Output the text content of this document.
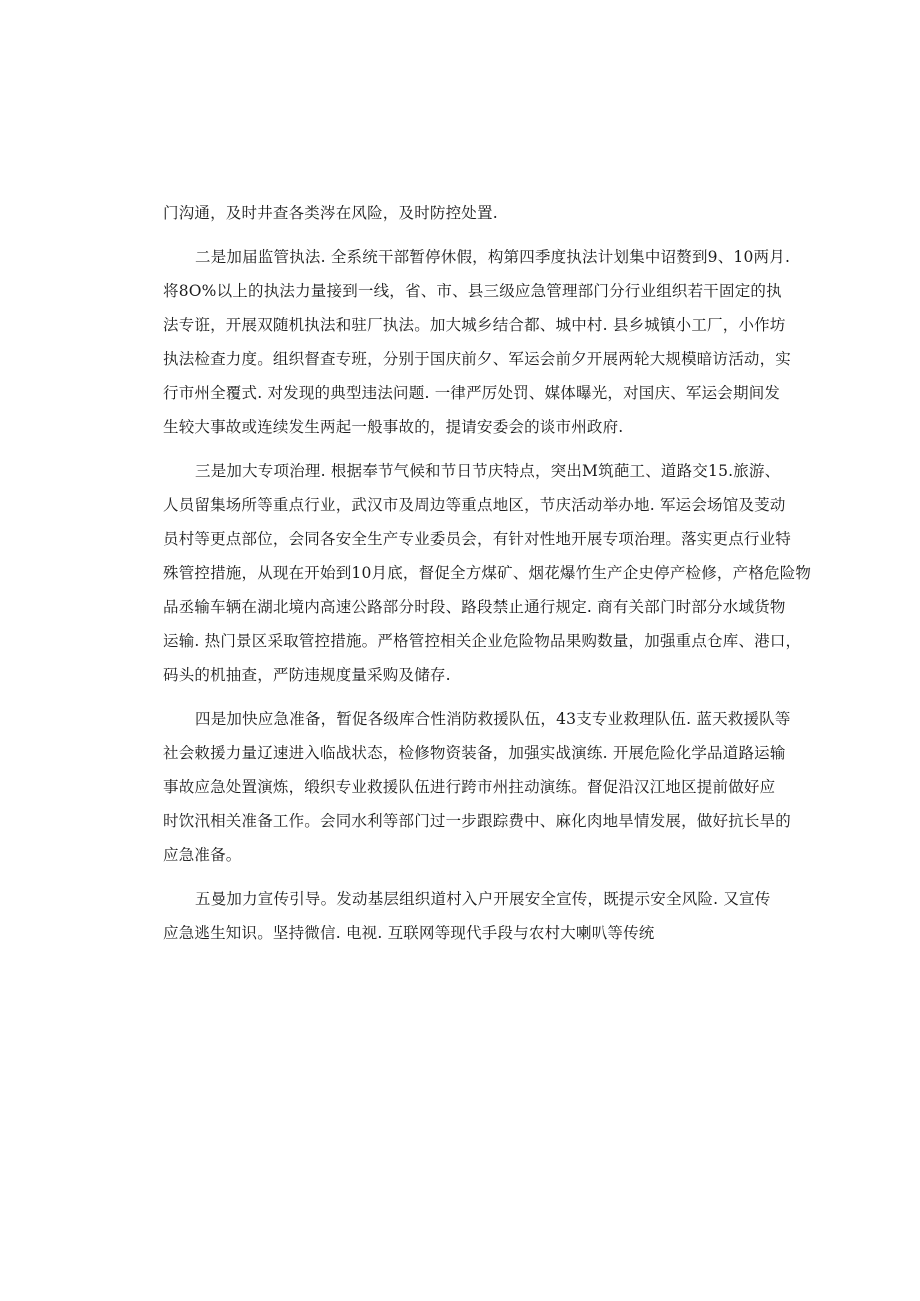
门沟通，及时井查各类涔在风险，及时防控处置.
二是加届监管执法. 全系统干部暂停休假，构第四季度执法计划集中诏赘到9、10两月.
将8O%以上的执法力量接到一线，省、市、县三级应急管理部门分行业组织若干固定的执
法专诳，开展双随机执法和驻厂执法。加大城乡结合都、城中村. 县乡城镇小工厂，小作坊
执法检查力度。组织督查专班，分别于国庆前夕、军运会前夕开展两轮大规模暗访活动，实
行市州全覆式. 对发现的典型违法问题. 一律严厉处罚、媒体曝光，对国庆、军运会期间发
生较大事故或连续发生两起一般事故的，提请安委会的谈市州政府.
三是加大专项治理. 根据奉节气候和节日节庆特点，突出M筑葩工、道路交15.旅游、
人员留集场所等重点行业，武汉市及周边等重点地区，节庆活动举办地. 军运会场馆及芰动
员村等更点部位，会同各安全生产专业委员会，有针对性地开展专项治理。落实更点行业特
殊管控措施，从现在开始到10月底，督促全方煤矿、烟花爆竹生产企史停产检修，产格危险物
品丞输车辆在湖北境内高速公路部分时段、路段禁止通行规定. 商有关部门时部分水域货物
运输. 热门景区采取管控措施。严格管控相关企业危险物品果购数量，加强重点仓库、港口，
码头的机抽查，严防违规度量采购及储存.
四是加快应急准备，暂促各级库合性消防救援队伍，43支专业救理队伍. 蓝天救援队等
社会敕援力量辽速进入临战状态，检修物资装备，加强实战演练. 开展危险化学品道路运输
事故应急处置演炼，缎织专业救援队伍进行跨市州拄动演练。督促沿汉江地区提前做好应
时饮汛相关准备工作。会同水利等部门过一步跟踪费中、麻化肉地旱情发展，做好抗长旱的
应急准备。
五曼加力宣传引导。发动基层组织道村入户开展安全宣传，既提示安全风险. 又宣传
应急逃生知识。坚持微信. 电视. 互联网等现代手段与农村大喇叭等传统
